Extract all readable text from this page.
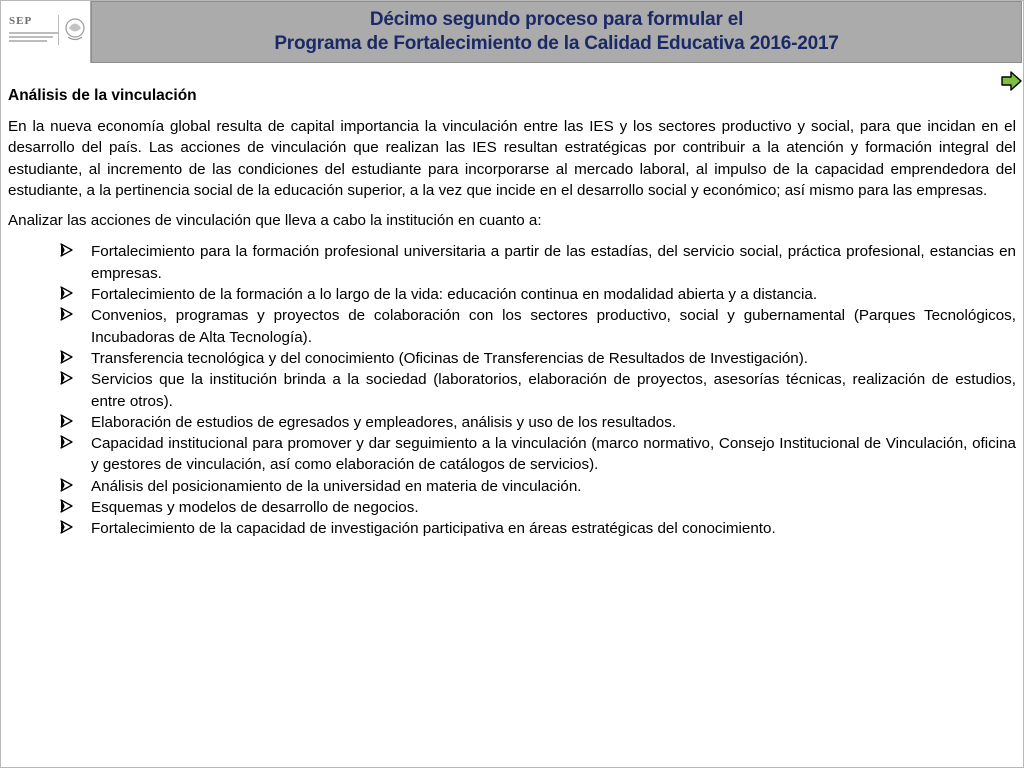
SEP	Décimo segundo proceso para formular el
Programa de Fortalecimiento de la Calidad Educativa 2016-2017
Análisis de la vinculación

En la nueva economía global resulta de capital importancia la vinculación entre las IES y los sectores productivo y social, para que incidan en el desarrollo del país. Las acciones de vinculación que realizan las IES resultan estratégicas por contribuir a la atención y formación integral del estudiante, al incremento de las condiciones del estudiante para incorporarse al mercado laboral, al impulso de la capacidad emprendedora del estudiante, a la pertinencia social de la educación superior, a la vez que incide en el desarrollo social y económico; así mismo para las empresas.

Analizar las acciones de vinculación que lleva a cabo la institución en cuanto a:

Fortalecimiento para la formación profesional universitaria a partir de las estadías, del servicio social, práctica profesional, estancias en empresas.
Fortalecimiento de la formación a lo largo de la vida: educación continua en modalidad abierta y a distancia.
Convenios, programas y proyectos de colaboración con los sectores productivo, social y gubernamental (Parques Tecnológicos, Incubadoras de Alta Tecnología).
Transferencia tecnológica y del conocimiento (Oficinas de Transferencias de Resultados de Investigación).
Servicios que la institución brinda a la sociedad (laboratorios, elaboración de proyectos, asesorías técnicas, realización de estudios, entre otros).
Elaboración de estudios de egresados y empleadores, análisis y uso de los resultados.
Capacidad institucional para promover y dar seguimiento a la vinculación (marco normativo, Consejo Institucional de Vinculación, oficina y gestores de vinculación, así como elaboración de catálogos de servicios).
Análisis del posicionamiento de la universidad en materia de vinculación.
Esquemas y modelos de desarrollo de negocios.
Fortalecimiento de la capacidad de investigación participativa en áreas estratégicas del conocimiento.
